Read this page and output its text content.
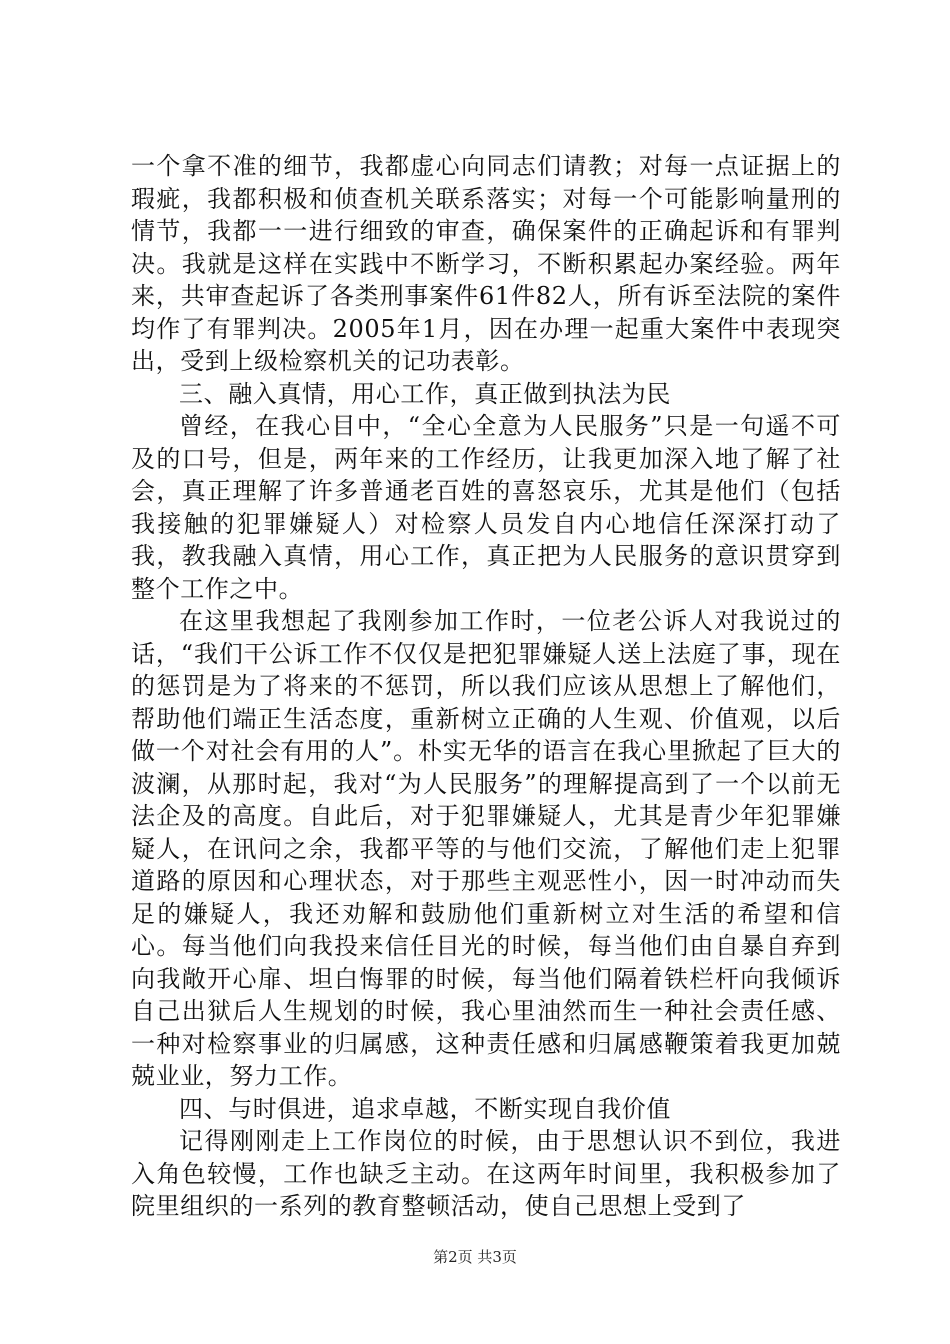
一个拿不准的细节，我都虚心向同志们请教；对每一点证据上的瑕疵，我都积极和侦查机关联系落实；对每一个可能影响量刑的情节，我都一一进行细致的审查，确保案件的正确起诉和有罪判决。我就是这样在实践中不断学习，不断积累起办案经验。两年来，共审查起诉了各类刑事案件61件82人，所有诉至法院的案件均作了有罪判决。2005年1月，因在办理一起重大案件中表现突出，受到上级检察机关的记功表彰。

三、融入真情，用心工作，真正做到执法为民

曾经，在我心目中，“全心全意为人民服务”只是一句遥不可及的口号，但是，两年来的工作经历，让我更加深入地了解了社会，真正理解了许多普通老百姓的喜怒哀乐，尤其是他们（包括我接触的犯罪嫌疑人）对检察人员发自内心地信任深深打动了我，教我融入真情，用心工作，真正把为人民服务的意识贯穿到整个工作之中。

在这里我想起了我刚参加工作时，一位老公诉人对我说过的话，“我们干公诉工作不仅仅是把犯罪嫌疑人送上法庭了事，现在的惩罚是为了将来的不惩罚，所以我们应该从思想上了解他们，帮助他们端正生活态度，重新树立正确的人生观、价值观，以后做一个对社会有用的人”。朴实无华的语言在我心里掀起了巨大的波澜，从那时起，我对“为人民服务”的理解提高到了一个以前无法企及的高度。自此后，对于犯罪嫌疑人，尤其是青少年犯罪嫌疑人，在讯问之余，我都平等的与他们交流，了解他们走上犯罪道路的原因和心理状态，对于那些主观恶性小，因一时冲动而失足的嫌疑人，我还劝解和鼓励他们重新树立对生活的希望和信心。每当他们向我投来信任目光的时候，每当他们由自暴自弃到向我敞开心扉、坦白悔罪的时候，每当他们隔着铁栏杆向我倾诉自己出狱后人生规划的时候，我心里油然而生一种社会责任感、一种对检察事业的归属感，这种责任感和归属感鞭策着我更加兢兢业业，努力工作。

四、与时俱进，追求卓越，不断实现自我价值

记得刚刚走上工作岗位的时候，由于思想认识不到位，我进入角色较慢，工作也缺乏主动。在这两年时间里，我积极参加了院里组织的一系列的教育整顿活动，使自己思想上受到了

第2页 共3页
